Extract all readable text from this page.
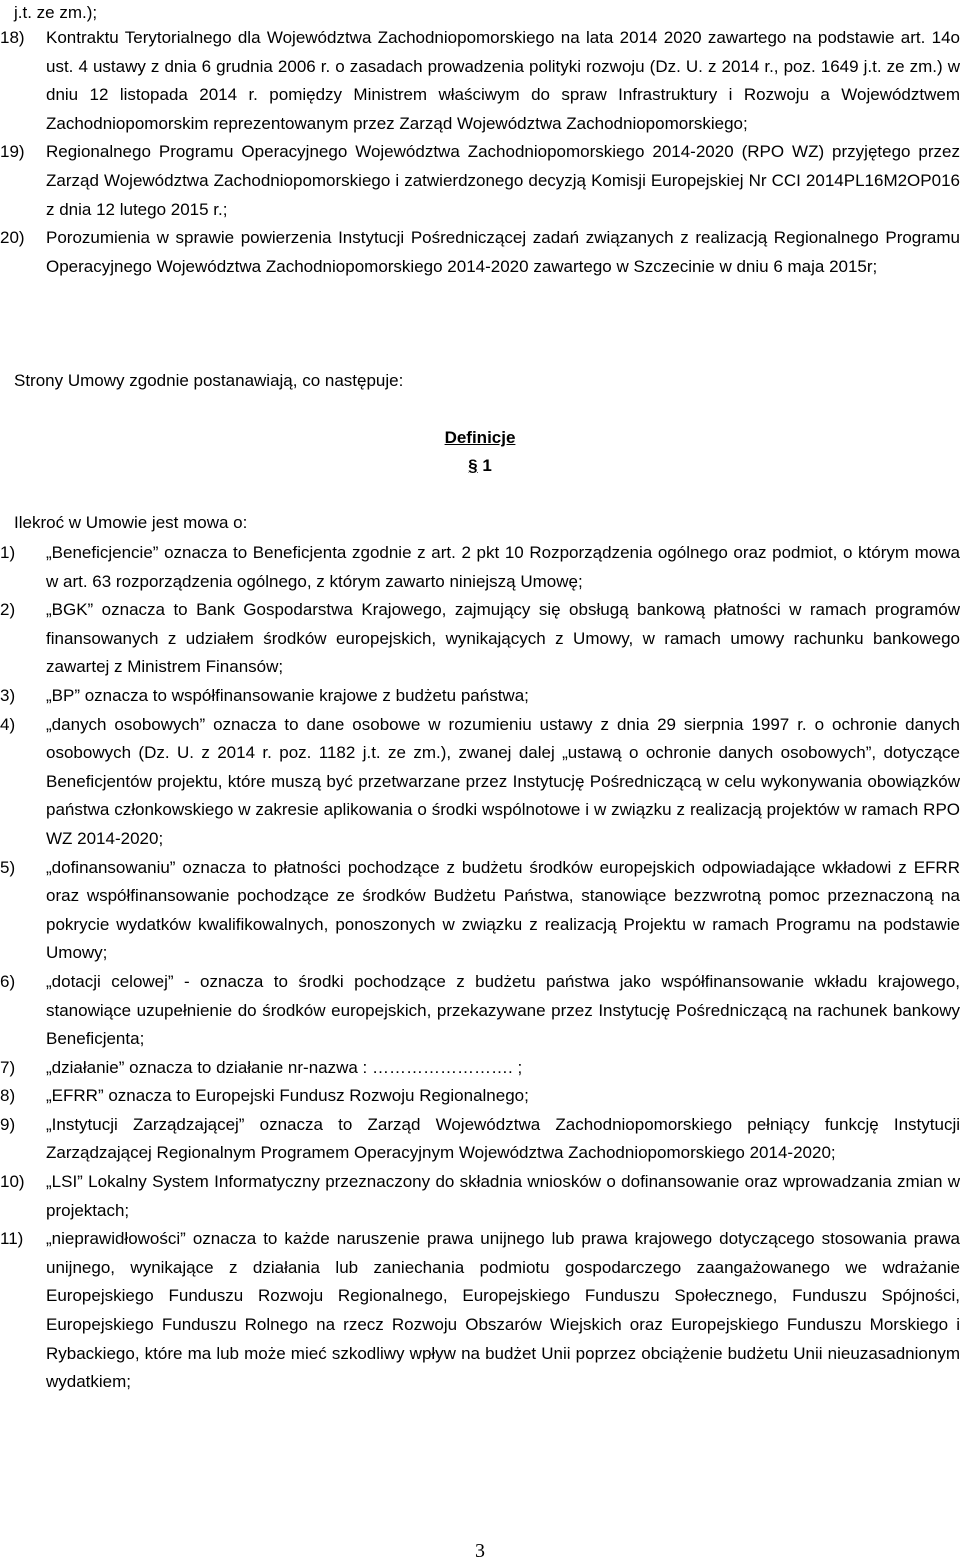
j.t. ze zm.);
18)	Kontraktu Terytorialnego dla Województwa Zachodniopomorskiego na lata 2014 2020 zawartego na podstawie art. 14o ust. 4 ustawy z dnia 6 grudnia 2006 r. o zasadach prowadzenia polityki rozwoju (Dz. U. z 2014 r., poz. 1649 j.t. ze zm.) w dniu 12 listopada 2014 r. pomiędzy Ministrem właściwym do spraw Infrastruktury i Rozwoju a Województwem Zachodniopomorskim reprezentowanym przez Zarząd Województwa Zachodniopomorskiego;
19)	Regionalnego Programu Operacyjnego Województwa Zachodniopomorskiego 2014-2020 (RPO WZ) przyjętego przez Zarząd Województwa Zachodniopomorskiego i zatwierdzonego decyzją Komisji Europejskiej Nr CCI 2014PL16M2OP016 z dnia 12 lutego 2015 r.;
20)	Porozumienia w sprawie powierzenia Instytucji Pośredniczącej zadań związanych z realizacją Regionalnego Programu Operacyjnego Województwa Zachodniopomorskiego 2014-2020 zawartego w Szczecinie w dniu 6 maja 2015r;
Strony Umowy zgodnie postanawiają, co następuje:
Definicje
§ 1
Ilekroć w Umowie jest mowa o:
1)	„Beneficjencie” oznacza to Beneficjenta zgodnie z art. 2 pkt 10 Rozporządzenia ogólnego oraz podmiot, o którym mowa w art. 63 rozporządzenia ogólnego, z którym zawarto niniejszą Umowę;
2)	„BGK” oznacza to Bank Gospodarstwa Krajowego, zajmujący się obsługą bankową płatności w ramach programów finansowanych z udziałem środków europejskich, wynikających z Umowy, w ramach umowy rachunku bankowego zawartej z Ministrem Finansów;
3)	„BP” oznacza to współfinansowanie krajowe z budżetu państwa;
4)	„danych osobowych” oznacza to dane osobowe w rozumieniu ustawy z dnia 29 sierpnia 1997 r. o ochronie danych osobowych (Dz. U. z 2014 r. poz. 1182 j.t. ze zm.), zwanej dalej „ustawą o ochronie danych osobowych”, dotyczące Beneficjentów projektu, które muszą być przetwarzane przez Instytucję Pośredniczącą w celu wykonywania obowiązków państwa członkowskiego w zakresie aplikowania o środki wspólnotowe i w związku z realizacją projektów w ramach RPO WZ 2014-2020;
5)	„dofinansowaniu” oznacza to płatności pochodzące z budżetu środków europejskich odpowiadające wkładowi z EFRR oraz współfinansowanie pochodzące ze środków Budżetu Państwa, stanowiące bezzwrotną pomoc przeznaczoną na pokrycie wydatków kwalifikowalnych, ponoszonych w związku z realizacją Projektu w ramach Programu na podstawie Umowy;
6)	„dotacji celowej” - oznacza to środki pochodzące z budżetu państwa jako współfinansowanie wkładu krajowego, stanowiące uzupełnienie do środków europejskich, przekazywane przez Instytucję Pośredniczącą na rachunek bankowy Beneficjenta;
7)	„działanie” oznacza to działanie nr-nazwa : ……………………. ;
8)	„EFRR” oznacza to Europejski Fundusz Rozwoju Regionalnego;
9)	„Instytucji Zarządzającej” oznacza to Zarząd Województwa Zachodniopomorskiego pełniący funkcję Instytucji Zarządzającej Regionalnym Programem Operacyjnym Województwa Zachodniopomorskiego 2014-2020;
10)	„LSI” Lokalny System Informatyczny przeznaczony do składnia wniosków o dofinansowanie oraz wprowadzania zmian w projektach;
11)	„nieprawidłowości” oznacza to każde naruszenie prawa unijnego lub prawa krajowego dotyczącego stosowania prawa unijnego, wynikające z działania lub zaniechania podmiotu gospodarczego zaangażowanego we wdrażanie Europejskiego Funduszu Rozwoju Regionalnego, Europejskiego Funduszu Społecznego, Funduszu Spójności, Europejskiego Funduszu Rolnego na rzecz Rozwoju Obszarów Wiejskich oraz Europejskiego Funduszu Morskiego i Rybackiego, które ma lub może mieć szkodliwy wpływ na budżet Unii poprzez obciążenie budżetu Unii nieuzasadnionym wydatkiem;
3
